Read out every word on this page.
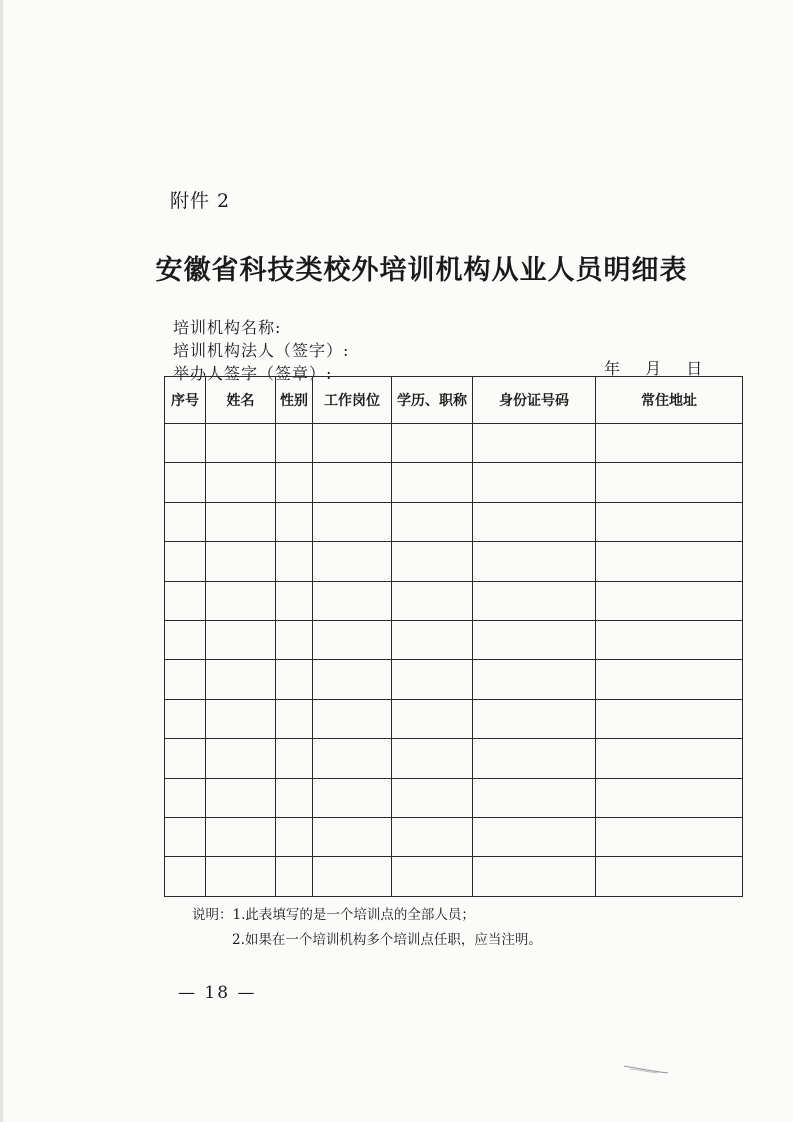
附件 2
安徽省科技类校外培训机构从业人员明细表
培训机构名称:
培训机构法人（签字）:
举办人签字（签章）:	年 月 日
序号	姓名	性别	工作岗位	学历、职称	身份证号码	常住地址

说明：1.此表填写的是一个培训点的全部人员；
2.如果在一个培训机构多个培训点任职，应当注明。
— 18 —
